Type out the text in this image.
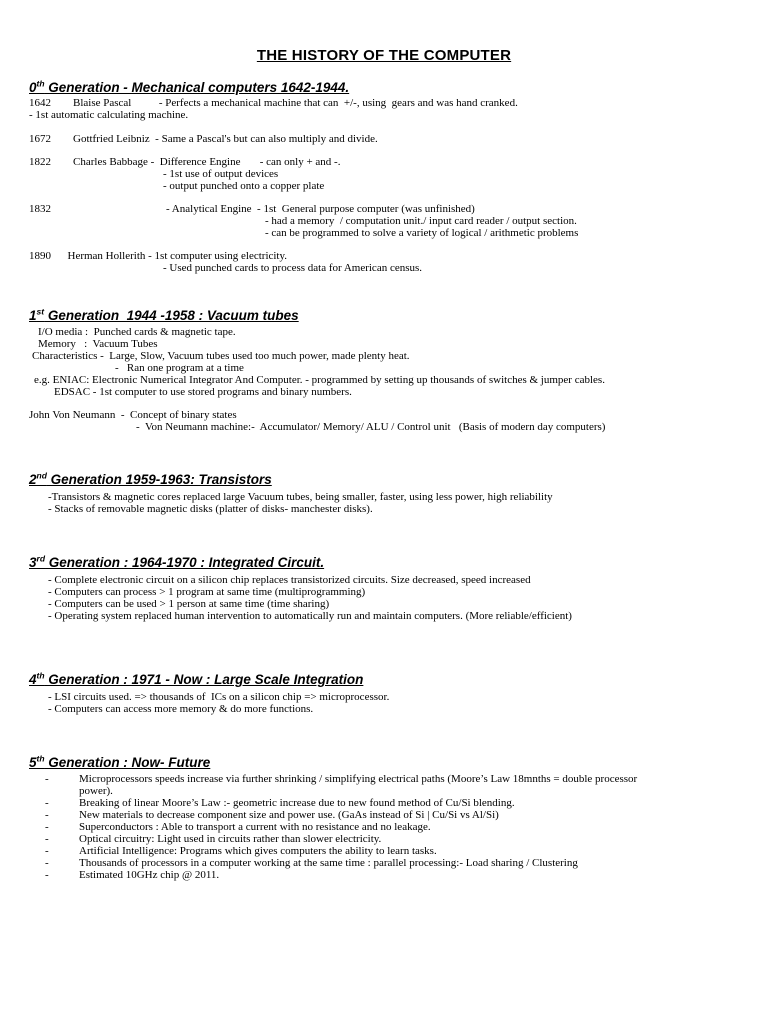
THE HISTORY OF THE COMPUTER
0th Generation - Mechanical computers 1642-1944.
1642        Blaise Pascal          - Perfects a mechanical machine that can  +/-, using  gears and was hand cranked.
- 1st automatic calculating machine.
1672        Gottfried Leibniz  - Same a Pascal's but can also multiply and divide.
1822        Charles Babbage -  Difference Engine       - can only + and -.
- 1st use of output devices
- output punched onto a copper plate
1832	- Analytical Engine  - 1st  General purpose computer (was unfinished)
- had a memory  / computation unit./ input card reader / output section.
- can be programmed to solve a variety of logical / arithmetic problems
1890      Herman Hollerith - 1st computer using electricity.
- Used punched cards to process data for American census.
1st Generation  1944 -1958 : Vacuum tubes
I/O media :  Punched cards & magnetic tape.
Memory   :  Vacuum Tubes
Characteristics -  Large, Slow, Vacuum tubes used too much power, made plenty heat.
-   Ran one program at a time
e.g. ENIAC: Electronic Numerical Integrator And Computer. - programmed by setting up thousands of switches & jumper cables.
EDSAC - 1st computer to use stored programs and binary numbers.
John Von Neumann  -  Concept of binary states
-  Von Neumann machine:-  Accumulator/ Memory/ ALU / Control unit   (Basis of modern day computers)
2nd Generation 1959-1963: Transistors
-Transistors & magnetic cores replaced large Vacuum tubes, being smaller, faster, using less power, high reliability
- Stacks of removable magnetic disks (platter of disks- manchester disks).
3rd Generation : 1964-1970 : Integrated Circuit.
- Complete electronic circuit on a silicon chip replaces transistorized circuits. Size decreased, speed increased
- Computers can process > 1 program at same time (multiprogramming)
- Computers can be used > 1 person at same time (time sharing)
- Operating system replaced human intervention to automatically run and maintain computers. (More reliable/efficient)
4th Generation : 1971 - Now : Large Scale Integration
- LSI circuits used. => thousands of  ICs on a silicon chip => microprocessor.
- Computers can access more memory & do more functions.
5th Generation : Now- Future
-	Microprocessors speeds increase via further shrinking / simplifying electrical paths (Moore’s Law 18mnths = double processor
power).
-	Breaking of linear Moore’s Law :- geometric increase due to new found method of Cu/Si blending.
-	New materials to decrease component size and power use. (GaAs instead of Si | Cu/Si vs Al/Si)
-	Superconductors : Able to transport a current with no resistance and no leakage.
-	Optical circuitry: Light used in circuits rather than slower electricity.
-	Artificial Intelligence: Programs which gives computers the ability to learn tasks.
-	Thousands of processors in a computer working at the same time : parallel processing:- Load sharing / Clustering
-	Estimated 10GHz chip @ 2011.
